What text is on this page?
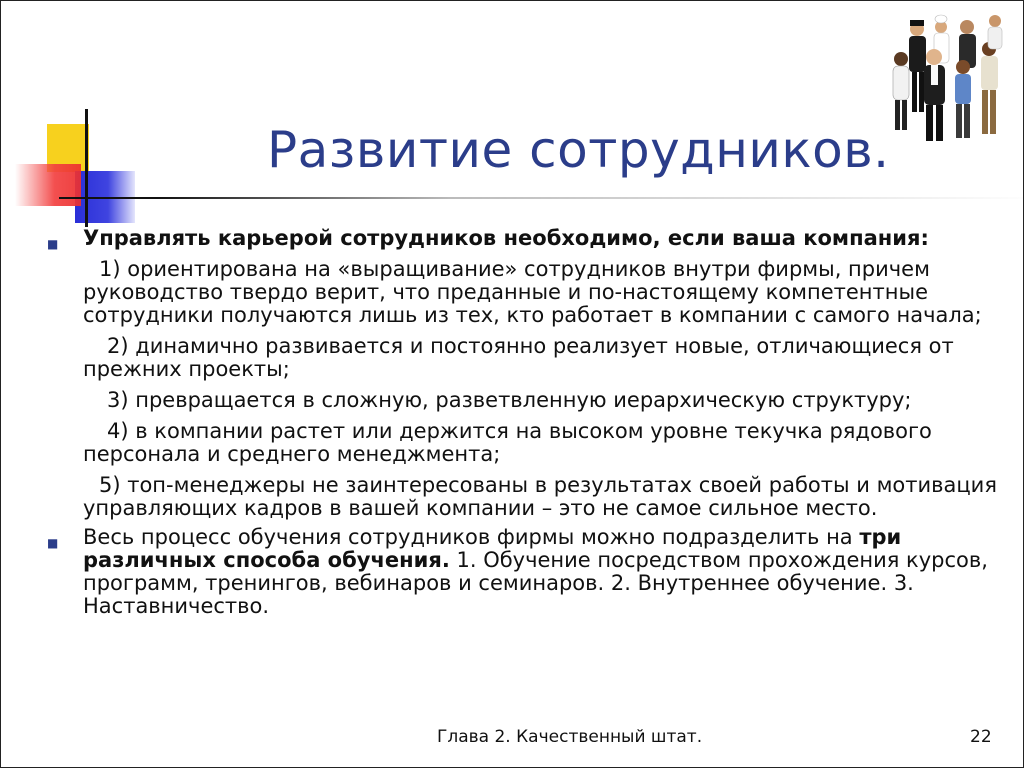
Развитие сотрудников.
■	Управлять карьерой сотрудников необходимо, если ваша компания:

1) ориентирована на «выращивание» сотрудников внутри фирмы, причем руководство твердо верит, что преданные и по-настоящему компетентные сотрудники получаются лишь из тех, кто работает в компании с самого начала;

2) динамично развивается и постоянно реализует новые, отличающиеся от прежних проекты;

3) превращается в сложную, разветвленную иерархическую структуру;

4) в компании растет или держится на высоком уровне текучка рядового персонала и среднего менеджмента;

5) топ-менеджеры не заинтересованы в результатах своей работы и мотивация управляющих кадров в вашей компании – это не самое сильное место.

■	Весь процесс обучения сотрудников фирмы можно подразделить на три различных способа обучения. 1. Обучение посредством прохождения курсов, программ, тренингов, вебинаров и семинаров. 2. Внутреннее обучение. 3. Наставничество.

Глава 2. Качественный штат.	22
